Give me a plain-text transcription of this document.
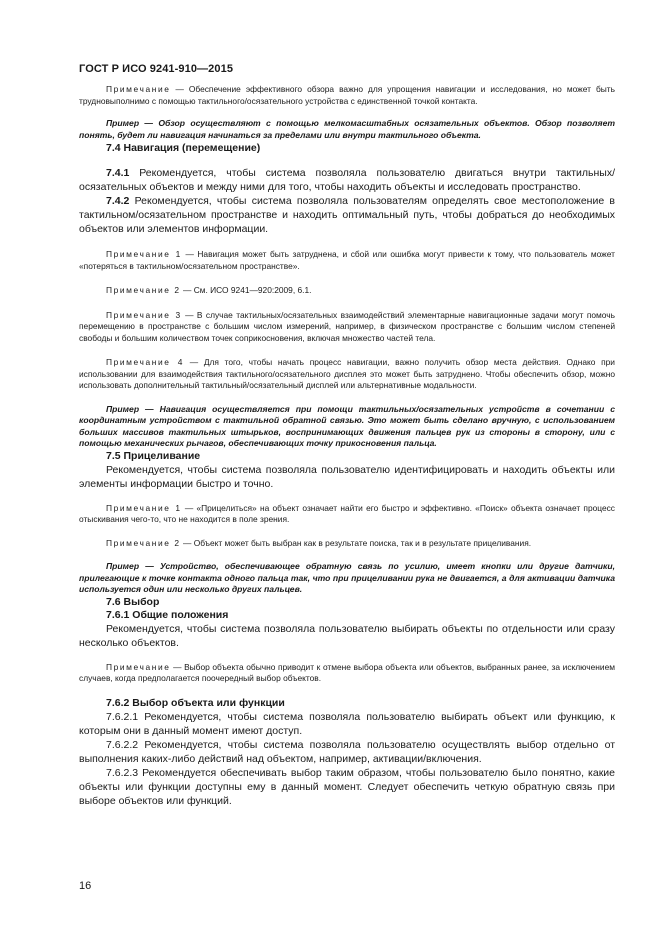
ГОСТ Р ИСО 9241-910—2015

Примечание — Обеспечение эффективного обзора важно для упрощения навигации и исследования, но может быть трудновыполнимо с помощью тактильного/осязательного устройства с единственной точкой контакта.

Пример — Обзор осуществляют с помощью мелкомасштабных осязательных объектов. Обзор позволяет понять, будет ли навигация начинаться за пределами или внутри тактильного объекта.

7.4 Навигация (перемещение)

7.4.1 Рекомендуется, чтобы система позволяла пользователю двигаться внутри тактильных/осязательных объектов и между ними для того, чтобы находить объекты и исследовать пространство.

7.4.2 Рекомендуется, чтобы система позволяла пользователям определять свое местоположение в тактильном/осязательном пространстве и находить оптимальный путь, чтобы добраться до необходимых объектов или элементов информации.

Примечание 1 — Навигация может быть затруднена, и сбой или ошибка могут привести к тому, что пользователь может «потеряться в тактильном/осязательном пространстве».

Примечание 2 — См. ИСО 9241—920:2009, 6.1.

Примечание 3 — В случае тактильных/осязательных взаимодействий элементарные навигационные задачи могут помочь перемещению в пространстве с большим числом измерений, например, в физическом пространстве с большим числом степеней свободы и большим количеством точек соприкосновения, включая множество частей тела.

Примечание 4 — Для того, чтобы начать процесс навигации, важно получить обзор места действия. Однако при использовании для взаимодействия тактильного/осязательного дисплея это может быть затруднено. Чтобы обеспечить обзор, можно использовать дополнительный тактильный/осязательный дисплей или альтернативные модальности.

Пример — Навигация осуществляется при помощи тактильных/осязательных устройств в сочетании с координатным устройством с тактильной обратной связью. Это может быть сделано вручную, с использованием больших массивов тактильных штырьков, воспринимающих движения пальцев рук из стороны в сторону, или с помощью механических рычагов, обеспечивающих точку прикосновения пальца.

7.5 Прицеливание

Рекомендуется, чтобы система позволяла пользователю идентифицировать и находить объекты или элементы информации быстро и точно.

Примечание 1 — «Прицелиться» на объект означает найти его быстро и эффективно. «Поиск» объекта означает процесс отыскивания чего-то, что не находится в поле зрения.

Примечание 2 — Объект может быть выбран как в результате поиска, так и в результате прицеливания.

Пример — Устройство, обеспечивающее обратную связь по усилию, имеет кнопки или другие датчики, прилегающие к точке контакта одного пальца так, что при прицеливании рука не двигается, а для активации датчика используется один или несколько других пальцев.

7.6 Выбор

7.6.1 Общие положения

Рекомендуется, чтобы система позволяла пользователю выбирать объекты по отдельности или сразу несколько объектов.

Примечание — Выбор объекта обычно приводит к отмене выбора объекта или объектов, выбранных ранее, за исключением случаев, когда предполагается поочередный выбор объектов.

7.6.2 Выбор объекта или функции

7.6.2.1 Рекомендуется, чтобы система позволяла пользователю выбирать объект или функцию, к которым они в данный момент имеют доступ.

7.6.2.2 Рекомендуется, чтобы система позволяла пользователю осуществлять выбор отдельно от выполнения каких-либо действий над объектом, например, активации/включения.

7.6.2.3 Рекомендуется обеспечивать выбор таким образом, чтобы пользователю было понятно, какие объекты или функции доступны ему в данный момент. Следует обеспечить четкую обратную связь при выборе объектов или функций.

16
